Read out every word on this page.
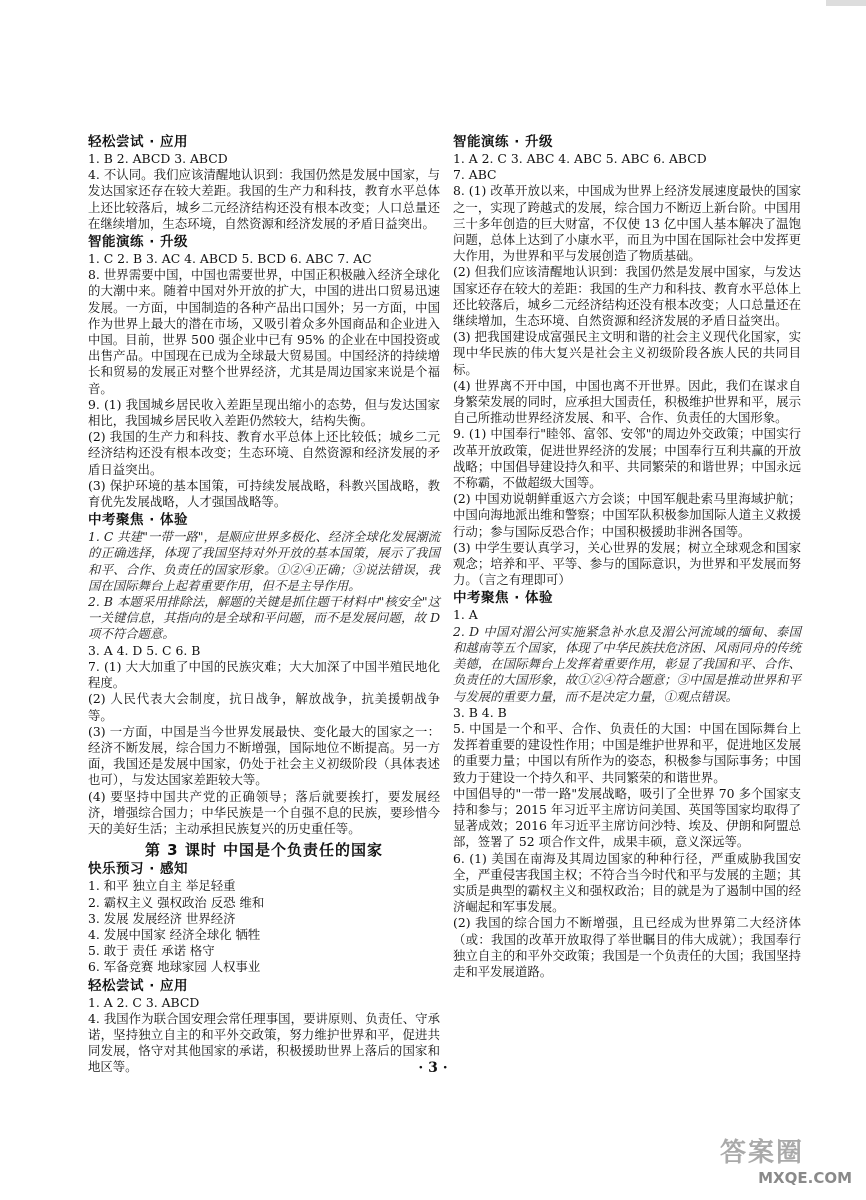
轻松尝试 · 应用

1. B 2. ABCD 3. ABCD

4. 不认同。我们应该清醒地认识到：我国仍然是发展中国家，与发达国家还存在较大差距。我国的生产力和科技，教育水平总体上还比较落后，城乡二元经济结构还没有根本改变；人口总量还在继续增加，生态环境，自然资源和经济发展的矛盾日益突出。

智能演练 · 升级

1. C 2. B 3. AC 4. ABCD 5. BCD 6. ABC 7. AC

8. 世界需要中国，中国也需要世界，中国正积极融入经济全球化的大潮中来。随着中国对外开放的扩大，中国的进出口贸易迅速发展。一方面，中国制造的各种产品出口国外；另一方面，中国作为世界上最大的潜在市场，又吸引着众多外国商品和企业进入中国。目前，世界 500 强企业中已有 95% 的企业在中国投资或出售产品。中国现在已成为全球最大贸易国。中国经济的持续增长和贸易的发展正对整个世界经济，尤其是周边国家来说是个福音。

9. (1) 我国城乡居民收入差距呈现出缩小的态势，但与发达国家相比，我国城乡居民收入差距仍然较大，结构失衡。

(2) 我国的生产力和科技、教育水平总体上还比较低；城乡二元经济结构还没有根本改变；生态环境、自然资源和经济发展的矛盾日益突出。

(3) 保护环境的基本国策，可持续发展战略，科教兴国战略，教育优先发展战略，人才强国战略等。

中考聚焦 · 体验

1. C 共建"一带一路"，是顺应世界多极化、经济全球化发展潮流的正确选择，体现了我国坚持对外开放的基本国策，展示了我国和平、合作、负责任的国家形象。①②④正确；③说法错误，我国在国际舞台上起着重要作用，但不是主导作用。

2. B 本题采用排除法，解题的关键是抓住题干材料中"核安全"这一关键信息，其指向的是全球和平问题，而不是发展问题，故 D 项不符合题意。

3. A 4. D 5. C 6. B

7. (1) 大大加重了中国的民族灾难；大大加深了中国半殖民地化程度。

(2) 人民代表大会制度，抗日战争，解放战争，抗美援朝战争等。

(3) 一方面，中国是当今世界发展最快、变化最大的国家之一：经济不断发展，综合国力不断增强，国际地位不断提高。另一方面，我国还是发展中国家，仍处于社会主义初级阶段（具体表述也可），与发达国家差距较大等。

(4) 要坚持中国共产党的正确领导；落后就要挨打，要发展经济，增强综合国力；中华民族是一个自强不息的民族，要珍惜今天的美好生活；主动承担民族复兴的历史重任等。

第 3 课时 中国是个负责任的国家
快乐预习 · 感知

1. 和平 独立自主 举足轻重

2. 霸权主义 强权政治 反恐 维和

3. 发展 发展经济 世界经济

4. 发展中国家 经济全球化 牺牲

5. 敢于 责任 承诺 格守

6. 军备竞赛 地球家园 人权事业

轻松尝试 · 应用

1. A 2. C 3. ABCD

4. 我国作为联合国安理会常任理事国，要讲原则、负责任、守承诺，坚持独立自主的和平外交政策，努力维护世界和平，促进共同发展，恪守对其他国家的承诺，积极援助世界上落后的国家和地区等。

智能演练 · 升级

1. A 2. C 3. ABC 4. ABC 5. ABC 6. ABCD

7. ABC

8. (1) 改革开放以来，中国成为世界上经济发展速度最快的国家之一，实现了跨越式的发展，综合国力不断迈上新台阶。中国用三十多年创造的巨大财富，不仅使 13 亿中国人基本解决了温饱问题，总体上达到了小康水平，而且为中国在国际社会中发挥更大作用，为世界和平与发展创造了物质基础。

(2) 但我们应该清醒地认识到：我国仍然是发展中国家，与发达国家还存在较大的差距：我国的生产力和科技、教育水平总体上还比较落后，城乡二元经济结构还没有根本改变；人口总量还在继续增加，生态环境、自然资源和经济发展的矛盾日益突出。

(3) 把我国建设成富强民主文明和谐的社会主义现代化国家，实现中华民族的伟大复兴是社会主义初级阶段各族人民的共同目标。

(4) 世界离不开中国，中国也离不开世界。因此，我们在谋求自身繁荣发展的同时，应承担大国责任，积极维护世界和平，展示自己所推动世界经济发展、和平、合作、负责任的大国形象。

9. (1) 中国奉行"睦邻、富邻、安邻"的周边外交政策；中国实行改革开放政策，促进世界经济的发展；中国奉行互利共赢的开放战略；中国倡导建设持久和平、共同繁荣的和谐世界；中国永远不称霸，不做超级大国等。

(2) 中国劝说朝鲜重返六方会谈；中国军舰赴索马里海域护航；中国向海地派出维和警察；中国军队积极参加国际人道主义救援行动；参与国际反恐合作；中国积极援助非洲各国等。

(3) 中学生要认真学习，关心世界的发展；树立全球观念和国家观念；培养和平、平等、参与的国际意识，为世界和平发展而努力。（言之有理即可）

中考聚焦 · 体验

1. A

2. D 中国对湄公河实施紧急补水息及湄公河流域的缅甸、泰国和越南等五个国家，体现了中华民族扶危济困、风雨同舟的传统美德，在国际舞台上发挥着重要作用，彰显了我国和平、合作、负责任的大国形象，故①②④符合题意；③中国是推动世界和平与发展的重要力量，而不是决定力量，①观点错误。

3. B 4. B

5. 中国是一个和平、合作、负责任的大国：中国在国际舞台上发挥着重要的建设性作用；中国是维护世界和平，促进地区发展的重要力量；中国以有所作为的姿态，积极参与国际事务；中国致力于建设一个持久和平、共同繁荣的和谐世界。

中国倡导的"一带一路"发展战略，吸引了全世界 70 多个国家支持和参与；2015 年习近平主席访问美国、英国等国家均取得了显著成效；2016 年习近平主席访问沙特、埃及、伊朗和阿盟总部，签署了 52 项合作文件，成果丰硕，意义深远等。

6. (1) 美国在南海及其周边国家的种种行径，严重威胁我国安全，严重侵害我国主权；不符合当今时代和平与发展的主题；其实质是典型的霸权主义和强权政治；目的就是为了遏制中国的经济崛起和军事发展。

(2) 我国的综合国力不断增强，且已经成为世界第二大经济体（或：我国的改革开放取得了举世瞩目的伟大成就）；我国奉行独立自主的和平外交政策；我国是一个负责任的大国；我国坚持走和平发展道路。

· 3 ·
答案圈
MXQE.COM
